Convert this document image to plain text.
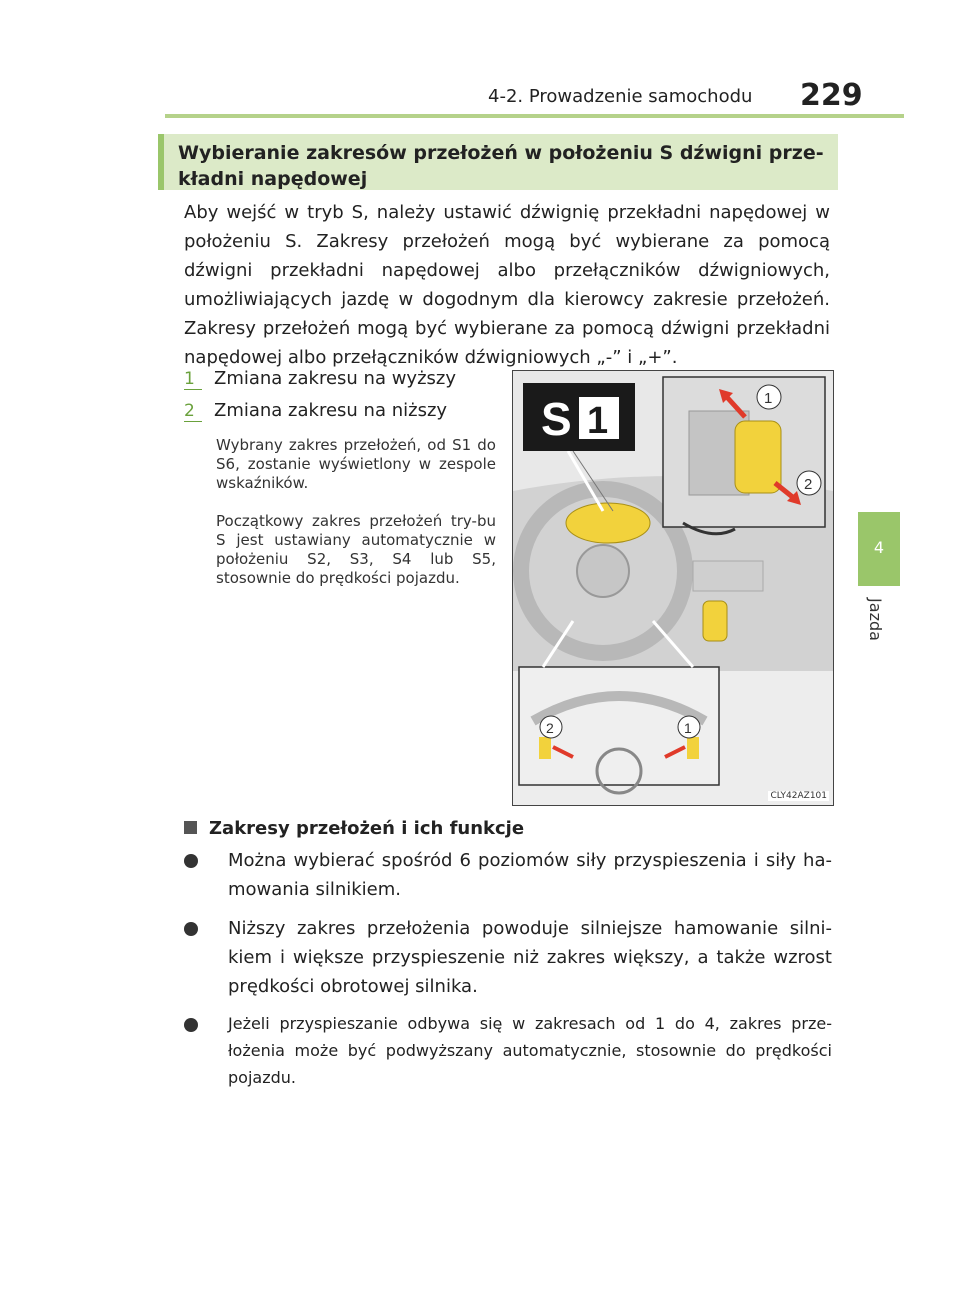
4-2. Prowadzenie samochodu 229
4
Jazda
Wybieranie zakresów przełożeń w położeniu S dźwigni prze-kładni napędowej
Aby wejść w tryb S, należy ustawić dźwignię przekładni napędowej w położeniu S. Zakresy przełożeń mogą być wybierane za pomocą dźwigni przekładni napędowej albo przełączników dźwigniowych, umożliwiających jazdę w dogodnym dla kierowcy zakresie przełożeń. Zakresy przełożeń mogą być wybierane za pomocą dźwigni przekładni napędowej albo przełączników dźwigniowych „-” i „+”.
1 Zmiana zakresu na wyższy
2 Zmiana zakresu na niższy
Wybrany zakres przełożeń, od S1 do S6, zostanie wyświetlony w zespole wskaźników.
Początkowy zakres przełożeń try-bu S jest ustawiany automatycznie w położeniu S2, S3, S4 lub S5, stosownie do prędkości pojazdu.
S 1
1
2
2	1
CLY42AZ101
Zakresy przełożeń i ich funkcje
Można wybierać spośród 6 poziomów siły przyspieszenia i siły ha-mowania silnikiem.
Niższy zakres przełożenia powoduje silniejsze hamowanie silni-kiem i większe przyspieszenie niż zakres większy, a także wzrost prędkości obrotowej silnika.
Jeżeli przyspieszanie odbywa się w zakresach od 1 do 4, zakres prze-łożenia może być podwyższany automatycznie, stosownie do prędkości pojazdu.
